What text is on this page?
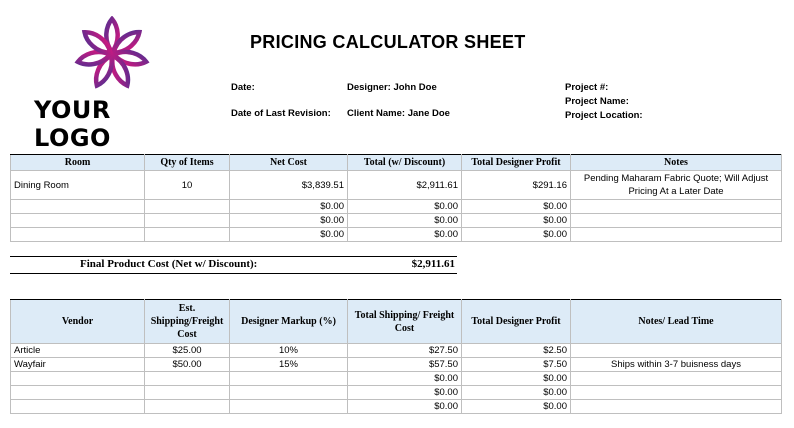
YOUR LOGO
PRICING CALCULATOR SHEET
Date:
Date of Last Revision:
Designer: John Doe
Client Name: Jane Doe
Project #:
Project Name:
Project Location:
Room	Qty of Items	Net Cost	Total (w/ Discount)	Total Designer Profit	Notes
Dining Room	10	$3,839.51	$2,911.61	$291.16	Pending Maharam Fabric Quote; Will Adjust Pricing At a Later Date
		$0.00	$0.00	$0.00	
		$0.00	$0.00	$0.00	
		$0.00	$0.00	$0.00	
Final Product Cost (Net w/ Discount):	$2,911.61
Vendor	Est. Shipping/Freight Cost	Designer Markup (%)	Total Shipping/ Freight Cost	Total Designer Profit	Notes/ Lead Time
Article	$25.00	10%	$27.50	$2.50	
Wayfair	$50.00	15%	$57.50	$7.50	Ships within 3-7 buisness days
			$0.00	$0.00	
			$0.00	$0.00	
			$0.00	$0.00	
